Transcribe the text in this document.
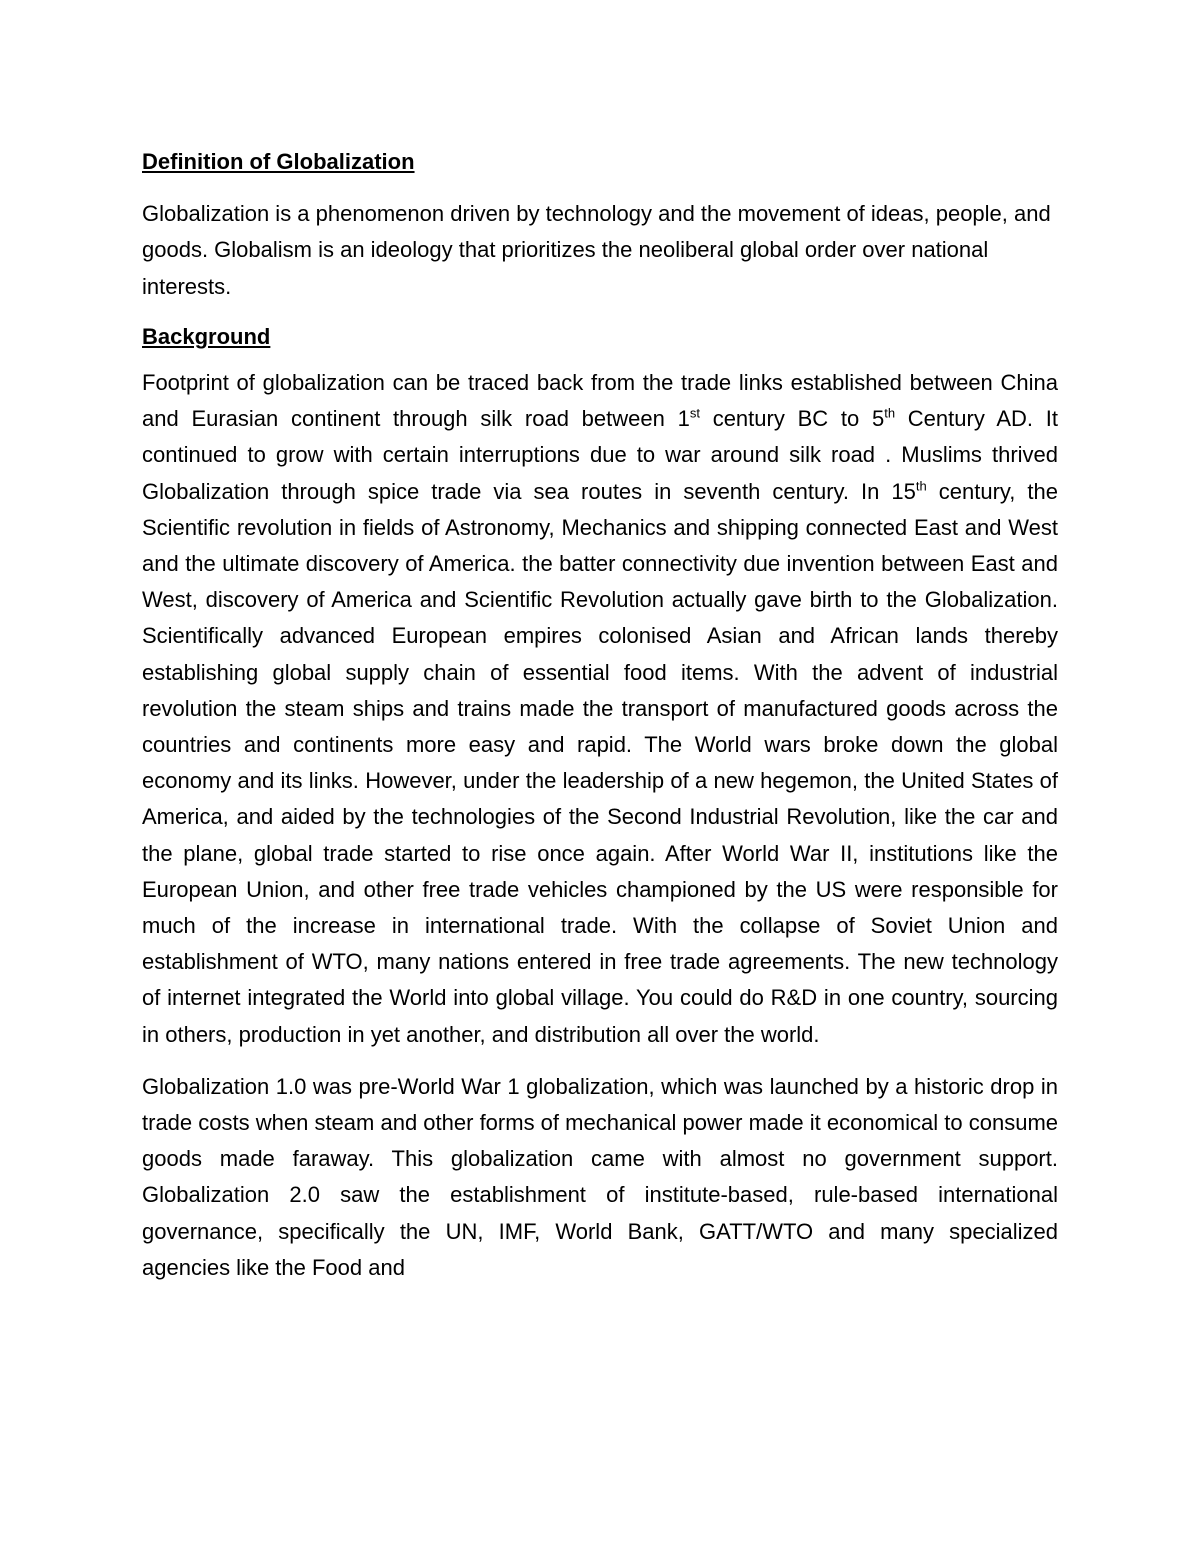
Definition of Globalization

Globalization is a phenomenon driven by technology and the movement of ideas, people, and goods. Globalism is an ideology that prioritizes the neoliberal global order over national interests.

Background

Footprint of globalization can be traced back from the trade links established between China and Eurasian continent through silk road between 1st century BC to 5th Century AD. It continued to grow with certain interruptions due to war around silk road . Muslims thrived Globalization through spice trade via sea routes in seventh century. In 15th century, the Scientific revolution in fields of Astronomy, Mechanics and shipping connected East and West and the ultimate discovery of America. the batter connectivity due invention between East and West, discovery of America and Scientific Revolution actually gave birth to the Globalization. Scientifically advanced European empires colonised Asian and African lands thereby establishing global supply chain of essential food items. With the advent of industrial revolution the steam ships and trains made the transport of manufactured goods across the countries and continents more easy and rapid. The World wars broke down the global economy and its links. However, under the leadership of a new hegemon, the United States of America, and aided by the technologies of the Second Industrial Revolution, like the car and the plane, global trade started to rise once again. After World War II, institutions like the European Union, and other free trade vehicles championed by the US were responsible for much of the increase in international trade. With the collapse of Soviet Union and establishment of WTO, many nations entered in free trade agreements. The new technology of internet integrated the World into global village. You could do R&D in one country, sourcing in others, production in yet another, and distribution all over the world.

Globalization 1.0 was pre-World War 1 globalization, which was launched by a historic drop in trade costs when steam and other forms of mechanical power made it economical to consume goods made faraway. This globalization came with almost no government support. Globalization 2.0 saw the establishment of institute-based, rule-based international governance, specifically the UN, IMF, World Bank, GATT/WTO and many specialized agencies like the Food and
